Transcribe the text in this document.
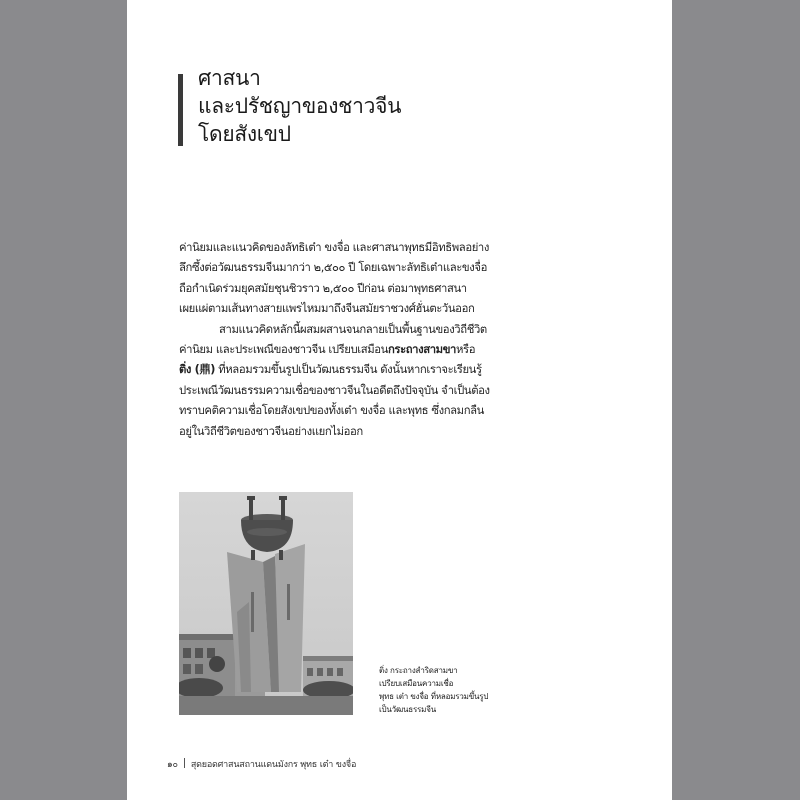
ศาสนา
และปรัชญาของชาวจีน
โดยสังเขป

ค่านิยมและแนวคิดของลัทธิเต๋า ขงจื่อ และศาสนาพุทธมีอิทธิพลอย่าง

ลึกซึ้งต่อวัฒนธรรมจีนมากว่า ๒,๕๐๐ ปี โดยเฉพาะลัทธิเต๋าและขงจื่อ

ถือกำเนิดร่วมยุคสมัยชุนชิวราว ๒,๕๐๐ ปีก่อน ต่อมาพุทธศาสนา

เผยแผ่ตามเส้นทางสายแพรไหมมาถึงจีนสมัยราชวงศ์ฮั่นตะวันออก

สามแนวคิดหลักนี้ผสมผสานจนกลายเป็นพื้นฐานของวิถีชีวิต

ค่านิยม และประเพณีของชาวจีน เปรียบเสมือนกระถางสามขาหรือ

ติ่ง (鼎) ที่หลอมรวมขึ้นรูปเป็นวัฒนธรรมจีน ดังนั้นหากเราจะเรียนรู้

ประเพณีวัฒนธรรมความเชื่อของชาวจีนในอดีตถึงปัจจุบัน จำเป็นต้อง

ทราบคติความเชื่อโดยสังเขปของทั้งเต๋า ขงจื่อ และพุทธ ซึ่งกลมกลืน

อยู่ในวิถีชีวิตของชาวจีนอย่างแยกไม่ออก

ติ่ง กระถางสำริดสามขา
เปรียบเสมือนความเชื่อ
พุทธ เต๋า ขงจื่อ ที่หลอมรวมขึ้นรูป
เป็นวัฒนธรรมจีน
๑๐ สุดยอดศาสนสถานแดนมังกร พุทธ เต๋า ขงจื่อ
